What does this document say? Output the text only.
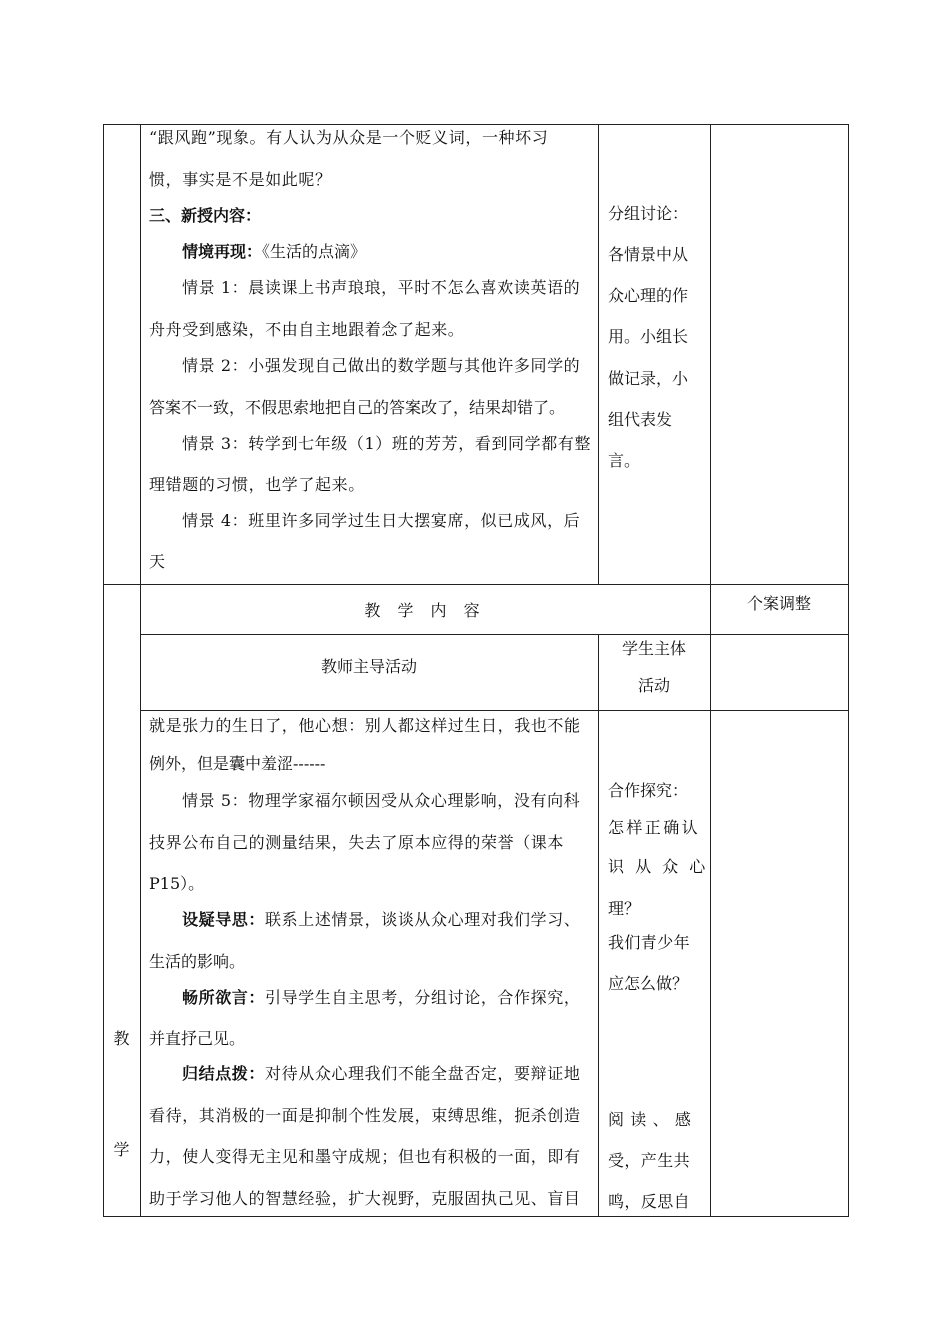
“跟风跑”现象。有人认为从众是一个贬义词，一种坏习
惯，事实是不是如此呢？
三、新授内容：
情境再现：《生活的点滴》
情景 1：晨读课上书声琅琅，平时不怎么喜欢读英语的
舟舟受到感染，不由自主地跟着念了起来。
情景 2：小强发现自己做出的数学题与其他许多同学的
答案不一致，不假思索地把自己的答案改了，结果却错了。
情景 3：转学到七年级（1）班的芳芳，看到同学都有整
理错题的习惯，也学了起来。
情景 4：班里许多同学过生日大摆宴席，似已成风，后
天
分组讨论：
各情景中从
众心理的作
用。小组长
做记录，小
组代表发
言。
教 学 内 容	个案调整
教师主导活动
学生主体
活动
教
学
就是张力的生日了，他心想：别人都这样过生日，我也不能
例外，但是囊中羞涩------
情景 5：物理学家福尔顿因受从众心理影响，没有向科
技界公布自己的测量结果，失去了原本应得的荣誉（课本
P15）。
设疑导思：联系上述情景，谈谈从众心理对我们学习、
生活的影响。
畅所欲言：引导学生自主思考，分组讨论，合作探究，
并直抒己见。
归结点拨：对待从众心理我们不能全盘否定，要辩证地
看待，其消极的一面是抑制个性发展，束缚思维，扼杀创造
力，使人变得无主见和墨守成规；但也有积极的一面，即有
助于学习他人的智慧经验，扩大视野，克服固执己见、盲目
合作探究：
怎样正确认
识 从 众 心
理？
我们青少年
应怎么做？
阅 读 、 感
受，产生共
鸣，反思自
